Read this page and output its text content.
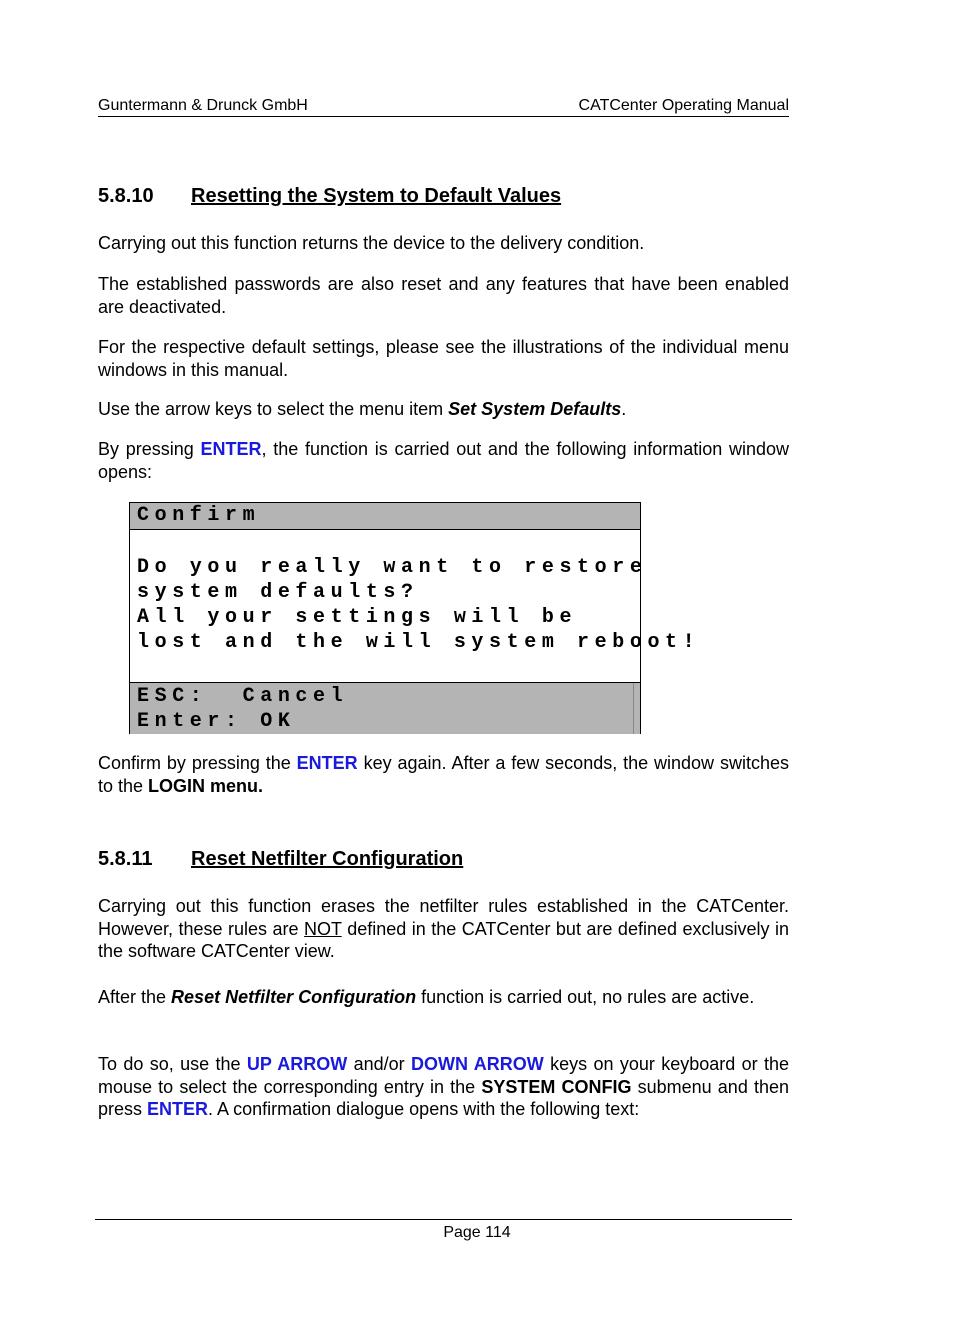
Guntermann & Drunck GmbH	CATCenter Operating Manual
5.8.10 Resetting the System to Default Values

Carrying out this function returns the device to the delivery condition.

The established passwords are also reset and any features that have been enabled are deactivated.

For the respective default settings, please see the illustrations of the individual menu windows in this manual.

Use the arrow keys to select the menu item Set System Defaults.

By pressing ENTER, the function is carried out and the following information window opens:

Confirm
Do you really want to restore
system defaults?
All your settings will be
lost and the will system reboot!
ESC:  Cancel
Enter: OK

Confirm by pressing the ENTER key again. After a few seconds, the window switches to the LOGIN menu.

5.8.11 Reset Netfilter Configuration

Carrying out this function erases the netfilter rules established in the CATCenter. However, these rules are NOT defined in the CATCenter but are defined exclusively in the software CATCenter view.

After the Reset Netfilter Configuration function is carried out, no rules are active.

To do so, use the UP ARROW and/or DOWN ARROW keys on your keyboard or the mouse to select the corresponding entry in the SYSTEM CONFIG submenu and then press ENTER. A confirmation dialogue opens with the following text:

Page 114
